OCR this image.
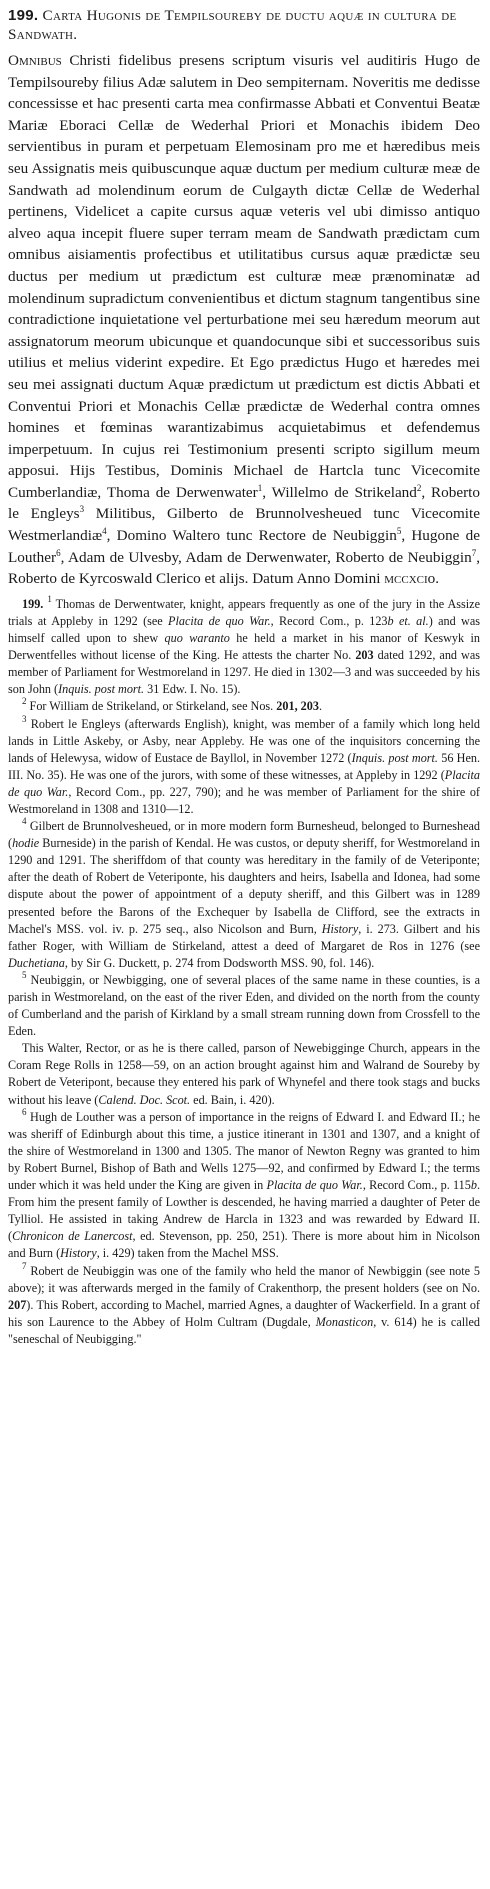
199. Carta Hugonis de Tempilsoureby de ductu aquæ in cultura de Sandwath.

Omnibus Christi fidelibus presens scriptum visuris vel auditiris Hugo de Tempilsoureby filius Adæ salutem in Deo sempiternam. Noveritis me dedisse concessisse et hac presenti carta mea confirmasse Abbati et Conventui Beatæ Mariæ Eboraci Cellæ de Wederhal Priori et Monachis ibidem Deo servientibus in puram et perpetuam Elemosinam pro me et hæredibus meis seu Assignatis meis quibuscunque aquæ ductum per medium culturæ meæ de Sandwath ad molendinum eorum de Culgayth dictæ Cellæ de Wederhal pertinens, Videlicet a capite cursus aquæ veteris vel ubi dimisso antiquo alveo aqua incepit fluere super terram meam de Sandwath prædictam cum omnibus aisiamentis profectibus et utilitatibus cursus aquæ prædictæ seu ductus per medium ut prædictum est culturæ meæ prænominatæ ad molendinum supradictum convenientibus et dictum stagnum tangentibus sine contradictione inquietatione vel perturbatione mei seu hæredum meorum aut assignatorum meorum ubicunque et quandocunque sibi et successoribus suis utilius et melius viderint expedire. Et Ego prædictus Hugo et hæredes mei seu mei assignati ductum Aquæ prædictum ut prædictum est dictis Abbati et Conventui Priori et Monachis Cellæ prædictæ de Wederhal contra omnes homines et fœminas warantizabimus acquietabimus et defendemus imperpetuum. In cujus rei Testimonium presenti scripto sigillum meum apposui. Hijs Testibus, Dominis Michael de Hartcla tunc Vicecomite Cumberlandiæ, Thoma de Derwenwater$^1$, Willelmo de Strikeland$^2$, Roberto le Engleys$^3$ Militibus, Gilberto de Brunnolvesheued tunc Vicecomite Westmerlandiæ$^4$, Domino Waltero tunc Rectore de Neubiggin$^5$, Hugone de Louther$^6$, Adam de Ulvesby, Adam de Derwenwater, Roberto de Neubiggin$^7$, Roberto de Kyrcoswald Clerico et alijs. Datum Anno Domini mccxcio.

199. $^1$ Thomas de Derwentwater, knight, appears frequently as one of the jury in the Assize trials at Appleby in 1292 (see Placita de quo War., Record Com., p. 123b et. al.) and was himself called upon to shew quo waranto he held a market in his manor of Keswyk in Derwentfelles without license of the King. He attests the charter No. 203 dated 1292, and was member of Parliament for Westmoreland in 1297. He died in 1302—3 and was succeeded by his son John (Inquis. post mort. 31 Edw. I. No. 15).

$^2$ For William de Strikeland, or Stirkeland, see Nos. 201, 203.

$^3$ Robert le Engleys (afterwards English), knight, was member of a family which long held lands in Little Askeby, or Asby, near Appleby. He was one of the inquisitors concerning the lands of Helewysa, widow of Eustace de Bayllol, in November 1272 (Inquis. post mort. 56 Hen. III. No. 35). He was one of the jurors, with some of these witnesses, at Appleby in 1292 (Placita de quo War., Record Com., pp. 227, 790); and he was member of Parliament for the shire of Westmoreland in 1308 and 1310—12.

$^4$ Gilbert de Brunnolvesheued, or in more modern form Burnesheud, belonged to Burneshead (hodie Burneside) in the parish of Kendal. He was custos, or deputy sheriff, for Westmoreland in 1290 and 1291. The sheriffdom of that county was hereditary in the family of de Veteriponte; after the death of Robert de Veteriponte, his daughters and heirs, Isabella and Idonea, had some dispute about the power of appointment of a deputy sheriff, and this Gilbert was in 1289 presented before the Barons of the Exchequer by Isabella de Clifford, see the extracts in Machel's MSS. vol. iv. p. 275 seq., also Nicolson and Burn, History, i. 273. Gilbert and his father Roger, with William de Stirkeland, attest a deed of Margaret de Ros in 1276 (see Duchetiana, by Sir G. Duckett, p. 274 from Dodsworth MSS. 90, fol. 146).

$^5$ Neubiggin, or Newbigging, one of several places of the same name in these counties, is a parish in Westmoreland, on the east of the river Eden, and divided on the north from the county of Cumberland and the parish of Kirkland by a small stream running down from Crossfell to the Eden.

This Walter, Rector, or as he is there called, parson of Newebigginge Church, appears in the Coram Rege Rolls in 1258—59, on an action brought against him and Walrand de Soureby by Robert de Veteripont, because they entered his park of Whynefel and there took stags and bucks without his leave (Calend. Doc. Scot. ed. Bain, i. 420).

$^6$ Hugh de Louther was a person of importance in the reigns of Edward I. and Edward II.; he was sheriff of Edinburgh about this time, a justice itinerant in 1301 and 1307, and a knight of the shire of Westmoreland in 1300 and 1305. The manor of Newton Regny was granted to him by Robert Burnel, Bishop of Bath and Wells 1275—92, and confirmed by Edward I.; the terms under which it was held under the King are given in Placita de quo War., Record Com., p. 115b. From him the present family of Lowther is descended, he having married a daughter of Peter de Tylliol. He assisted in taking Andrew de Harcla in 1323 and was rewarded by Edward II. (Chronicon de Lanercost, ed. Stevenson, pp. 250, 251). There is more about him in Nicolson and Burn (History, i. 429) taken from the Machel MSS.

$^7$ Robert de Neubiggin was one of the family who held the manor of Newbiggin (see note 5 above); it was afterwards merged in the family of Crakenthorp, the present holders (see on No. 207). This Robert, according to Machel, married Agnes, a daughter of Wackerfield. In a grant of his son Laurence to the Abbey of Holm Cultram (Dugdale, Monasticon, v. 614) he is called "seneschal of Neubigging."
